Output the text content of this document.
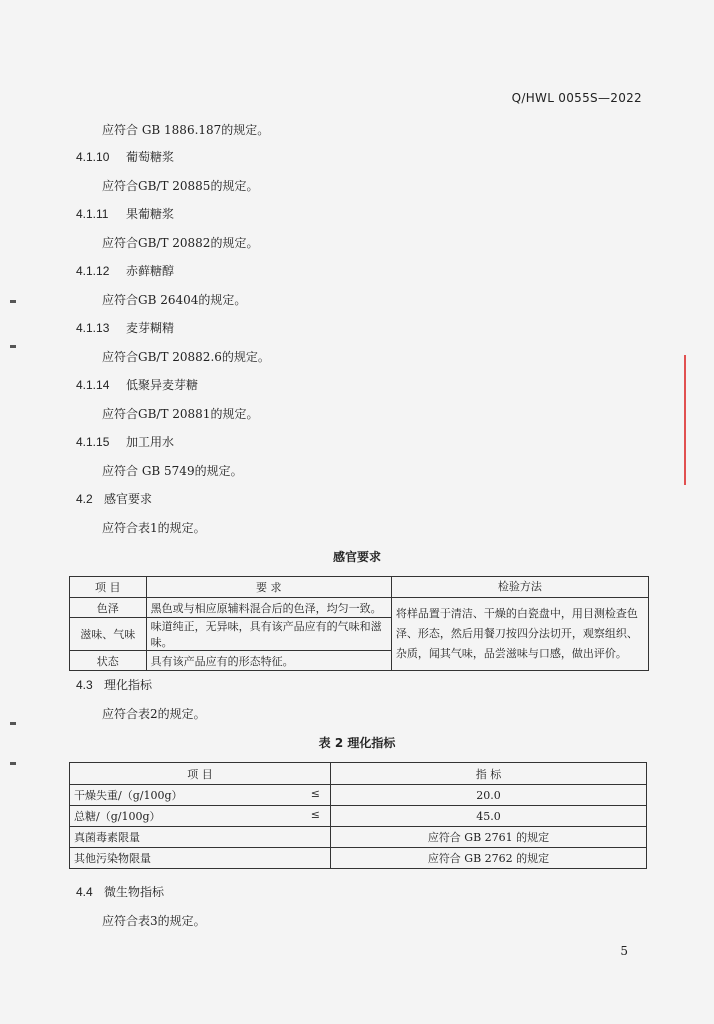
Q/HWL 0055S—2022
应符合 GB 1886.187的规定。
4.1.10 葡萄糖浆
应符合GB/T 20885的规定。
4.1.11 果葡糖浆
应符合GB/T 20882的规定。
4.1.12 赤藓糖醇
应符合GB 26404的规定。
4.1.13 麦芽糊精
应符合GB/T 20882.6的规定。
4.1.14 低聚异麦芽糖
应符合GB/T 20881的规定。
4.1.15 加工用水
应符合 GB 5749的规定。
4.2 感官要求
应符合表1的规定。
感官要求
项 目	要 求	检验方法
色泽	黑色或与相应原辅料混合后的色泽，均匀一致。	将样品置于清洁、干燥的白瓷盘中，用目测检查色泽、形态，然后用餐刀按四分法切开，观察组织、杂质，闻其气味，品尝滋味与口感，做出评价。
滋味、气味	味道纯正，无异味，具有该产品应有的气味和滋味。	
状态	具有该产品应有的形态特征。	
4.3 理化指标
应符合表2的规定。
表 2 理化指标
项 目	指 标
干燥失重/（g/100g） ≤	20.0
总糖/（g/100g） ≤	45.0
真菌毒素限量	应符合 GB 2761 的规定
其他污染物限量	应符合 GB 2762 的规定
4.4 微生物指标
应符合表3的规定。
5
